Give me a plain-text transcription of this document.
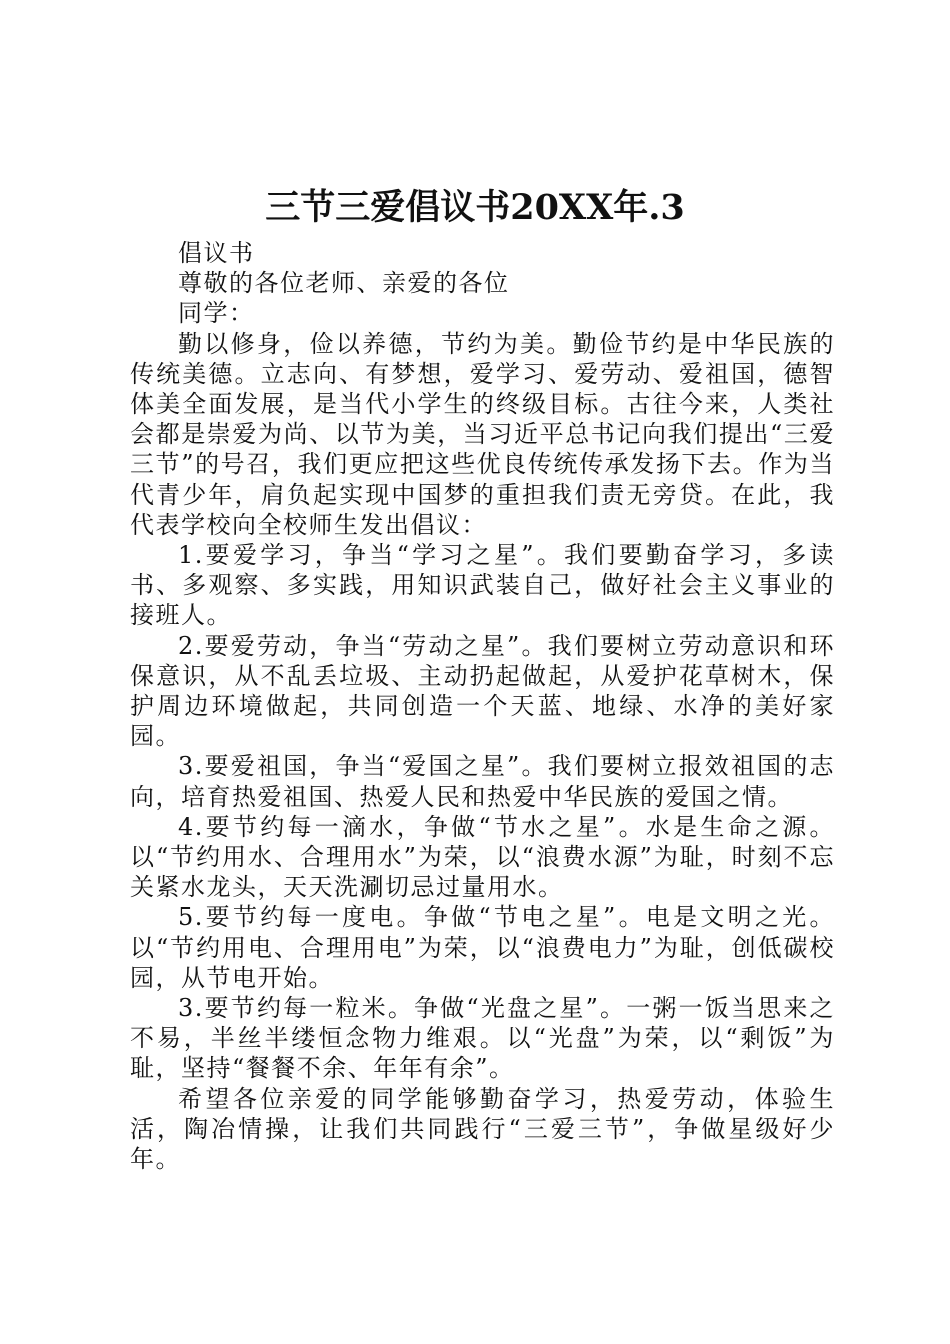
三节三爱倡议书20XX年.3

倡议书

尊敬的各位老师、亲爱的各位

同学：

勤以修身，俭以养德，节约为美。勤俭节约是中华民族的传统美德。立志向、有梦想，爱学习、爱劳动、爱祖国，德智体美全面发展，是当代小学生的终级目标。古往今来，人类社会都是崇爱为尚、以节为美，当习近平总书记向我们提出“三爱三节”的号召，我们更应把这些优良传统传承发扬下去。作为当代青少年，肩负起实现中国梦的重担我们责无旁贷。在此，我代表学校向全校师生发出倡议：

1.要爱学习，争当“学习之星”。我们要勤奋学习，多读书、多观察、多实践，用知识武装自己，做好社会主义事业的接班人。

2.要爱劳动，争当“劳动之星”。我们要树立劳动意识和环保意识，从不乱丢垃圾、主动扔起做起，从爱护花草树木，保护周边环境做起，共同创造一个天蓝、地绿、水净的美好家园。

3.要爱祖国，争当“爱国之星”。我们要树立报效祖国的志向，培育热爱祖国、热爱人民和热爱中华民族的爱国之情。

4.要节约每一滴水，争做“节水之星”。水是生命之源。以“节约用水、合理用水”为荣，以“浪费水源”为耻，时刻不忘关紧水龙头，天天洗涮切忌过量用水。

5.要节约每一度电。争做“节电之星”。电是文明之光。以“节约用电、合理用电”为荣，以“浪费电力”为耻，创低碳校园，从节电开始。

3.要节约每一粒米。争做“光盘之星”。一粥一饭当思来之不易，半丝半缕恒念物力维艰。以“光盘”为荣，以“剩饭”为耻，坚持“餐餐不余、年年有余”。

希望各位亲爱的同学能够勤奋学习，热爱劳动，体验生活，陶冶情操，让我们共同践行“三爱三节”，争做星级好少年。
